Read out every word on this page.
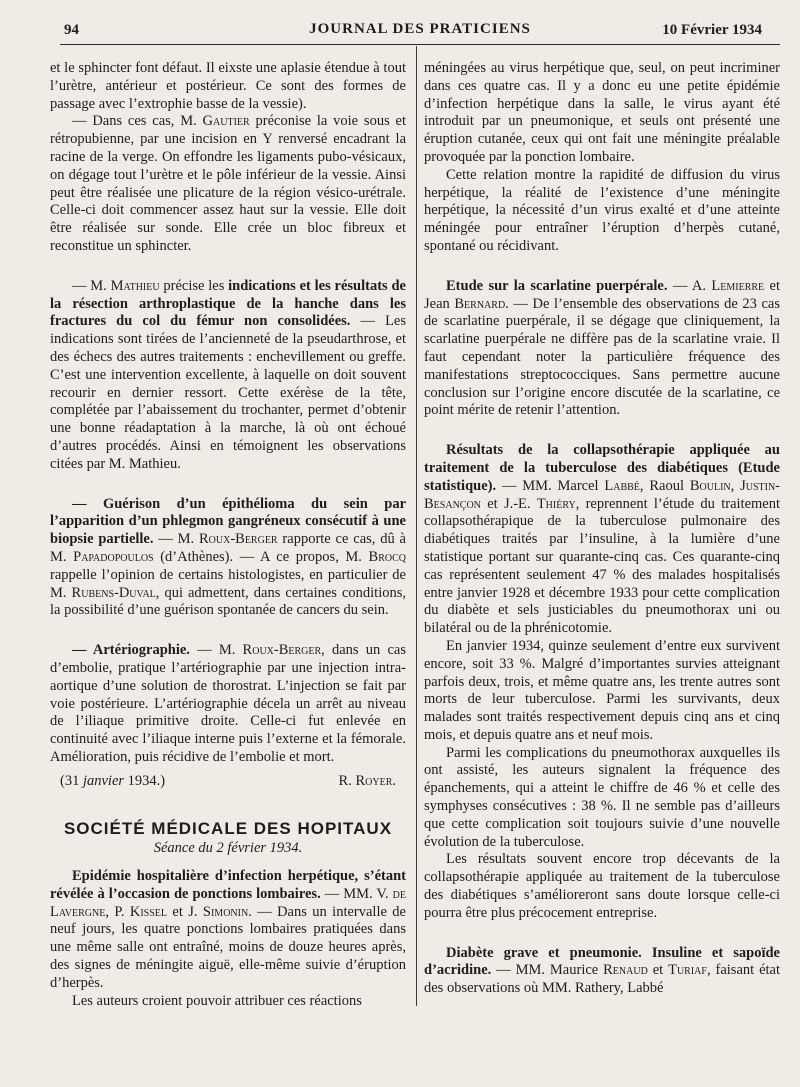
94	JOURNAL DES PRATICIENS	10 Février 1934

et le sphincter font défaut. Il eixste une aplasie étendue à tout l’urètre, antérieur et postérieur. Ce sont des formes de passage avec l’extrophie basse de la vessie).

— Dans ces cas, M. Gautier préconise la voie sous et rétropubienne, par une incision en Y renversé encadrant la racine de la verge. On effondre les ligaments pubo-vésicaux, on dégage tout l’urètre et le pôle inférieur de la vessie. Ainsi peut être réalisée une plicature de la région vésico-urétrale. Celle-ci doit commencer assez haut sur la vessie. Elle doit être réalisée sur sonde. Elle crée un bloc fibreux et reconstitue un sphincter.

— M. Mathieu précise les indications et les résultats de la résection arthroplastique de la hanche dans les fractures du col du fémur non consolidées. — Les indications sont tirées de l’ancienneté de la pseudarthrose, et des échecs des autres traitements : enchevillement ou greffe. C’est une intervention excellente, à laquelle on doit souvent recourir en dernier ressort. Cette exérèse de la tête, complétée par l’abaissement du trochanter, permet d’obtenir une bonne réadaptation à la marche, là où ont échoué d’autres procédés. Ainsi en témoignent les observations citées par M. Mathieu.

— Guérison d’un épithélioma du sein par l’apparition d’un phlegmon gangréneux consécutif à une biopsie partielle. — M. Roux-Berger rapporte ce cas, dû à M. Papadopoulos (d’Athènes). — A ce propos, M. Brocq rappelle l’opinion de certains histologistes, en particulier de M. Rubens-Duval, qui admettent, dans certaines conditions, la possibilité d’une guérison spontanée de cancers du sein.

— Artériographie. — M. Roux-Berger, dans un cas d’embolie, pratique l’artériographie par une injection intra-aortique d’une solution de thorostrat. L’injection se fait par voie postérieure. L’artériographie décela un arrêt au niveau de l’iliaque primitive droite. Celle-ci fut enlevée en continuité avec l’iliaque interne puis l’externe et la fémorale. Amélioration, puis récidive de l’embolie et mort.

(31 janvier 1934.)	R. Royer.
SOCIÉTÉ MÉDICALE DES HOPITAUX
Séance du 2 février 1934.

Epidémie hospitalière d’infection herpétique, s’étant révélée à l’occasion de ponctions lombaires. — MM. V. de Lavergne, P. Kissel et J. Simonin. — Dans un intervalle de neuf jours, les quatre ponctions lombaires pratiquées dans une même salle ont entraîné, moins de douze heures après, des signes de méningite aiguë, elle-même suivie d’éruption d’herpès.

Les auteurs croient pouvoir attribuer ces réactions

méningées au virus herpétique que, seul, on peut incriminer dans ces quatre cas. Il y a donc eu une petite épidémie d’infection herpétique dans la salle, le virus ayant été introduit par un pneumonique, et seuls ont présenté une éruption cutanée, ceux qui ont fait une méningite préalable provoquée par la ponction lombaire.

Cette relation montre la rapidité de diffusion du virus herpétique, la réalité de l’existence d’une méningite herpétique, la nécessité d’un virus exalté et d’une atteinte méningée pour entraîner l’éruption d’herpès cutané, spontané ou récidivant.

Etude sur la scarlatine puerpérale. — A. Lemierre et Jean Bernard. — De l’ensemble des observations de 23 cas de scarlatine puerpérale, il se dégage que cliniquement, la scarlatine puerpérale ne diffère pas de la scarlatine vraie. Il faut cependant noter la particulière fréquence des manifestations streptococciques. Sans permettre aucune conclusion sur l’origine encore discutée de la scarlatine, ce point mérite de retenir l’attention.

Résultats de la collapsothérapie appliquée au traitement de la tuberculose des diabétiques (Etude statistique). — MM. Marcel Labbé, Raoul Boulin, Justin-Besançon et J.-E. Thiéry, reprennent l’étude du traitement collapsothérapique de la tuberculose pulmonaire des diabétiques traités par l’insuline, à la lumière d’une statistique portant sur quarante-cinq cas. Ces quarante-cinq cas représentent seulement 47 % des malades hospitalisés entre janvier 1928 et décembre 1933 pour cette complication du diabète et sels justiciables du pneumothorax uni ou bilatéral ou de la phrénicotomie.

En janvier 1934, quinze seulement d’entre eux survivent encore, soit 33 %. Malgré d’importantes survies atteignant parfois deux, trois, et même quatre ans, les trente autres sont morts de leur tuberculose. Parmi les survivants, deux malades sont traités respectivement depuis cinq ans et cinq mois, et depuis quatre ans et neuf mois.

Parmi les complications du pneumothorax auxquelles ils ont assisté, les auteurs signalent la fréquence des épanchements, qui a atteint le chiffre de 46 % et celle des symphyses consécutives : 38 %. Il ne semble pas d’ailleurs que cette complication soit toujours suivie d’une nouvelle évolution de la tuberculose.

Les résultats souvent encore trop décevants de la collapsothérapie appliquée au traitement de la tuberculose des diabétiques s’amélioreront sans doute lorsque celle-ci pourra être plus précocement entreprise.

Diabète grave et pneumonie. Insuline et sapoïde d’acridine. — MM. Maurice Renaud et Turiaf, faisant état des observations où MM. Rathery, Labbé
